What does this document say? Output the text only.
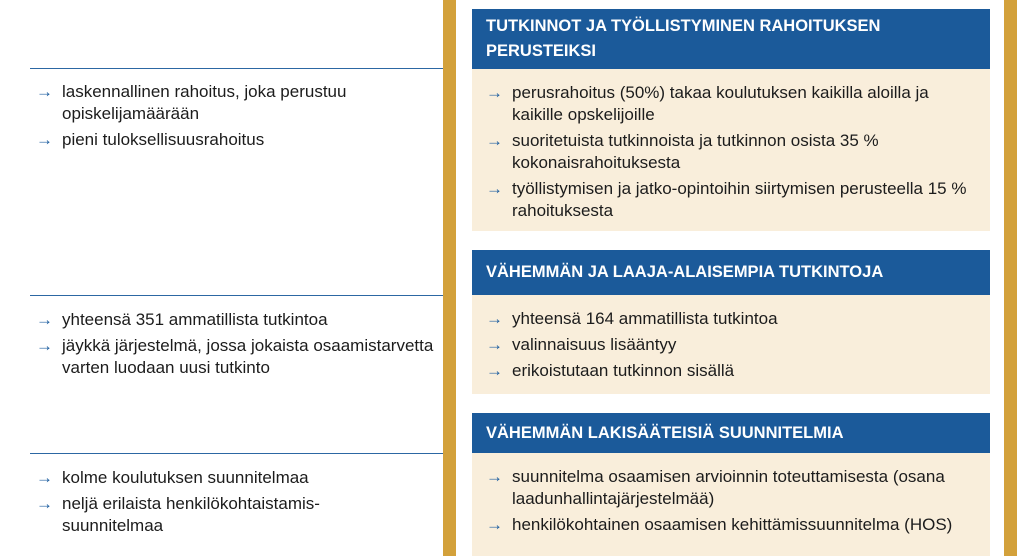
→ laskennallinen rahoitus, joka perustuu opiskelijamäärään
→ pieni tuloksellisuusrahoitus
→ yhteensä 351 ammatillista tutkintoa
→ jäykkä järjestelmä, jossa jokaista osaamistarvetta varten luodaan uusi tutkinto
→ kolme koulutuksen suunnitelmaa
→ neljä erilaista henkilökohtaistamis-suunnitelmaa
TUTKINNOT JA TYÖLLISTYMINEN RAHOITUKSEN PERUSTEIKSI
→ perusrahoitus (50%) takaa koulutuksen kaikilla aloilla ja kaikille opskelijoille
→ suoritetuista tutkinnoista ja tutkinnon osista 35 % kokonaisrahoituksesta
→ työllistymisen ja jatko-opintoihin siirtymisen perusteella 15 % rahoituksesta
VÄHEMMÄN JA LAAJA-ALAISEMPIA TUTKINTOJA
→ yhteensä 164 ammatillista tutkintoa
→ valinnaisuus lisääntyy
→ erikoistutaan tutkinnon sisällä
VÄHEMMÄN LAKISÄÄTEISIÄ SUUNNITELMIA
→ suunnitelma osaamisen arvioinnin toteuttamisesta (osana laadunhallintajärjestelmää)
→ henkilökohtainen osaamisen kehittämissuunnitelma (HOS)
